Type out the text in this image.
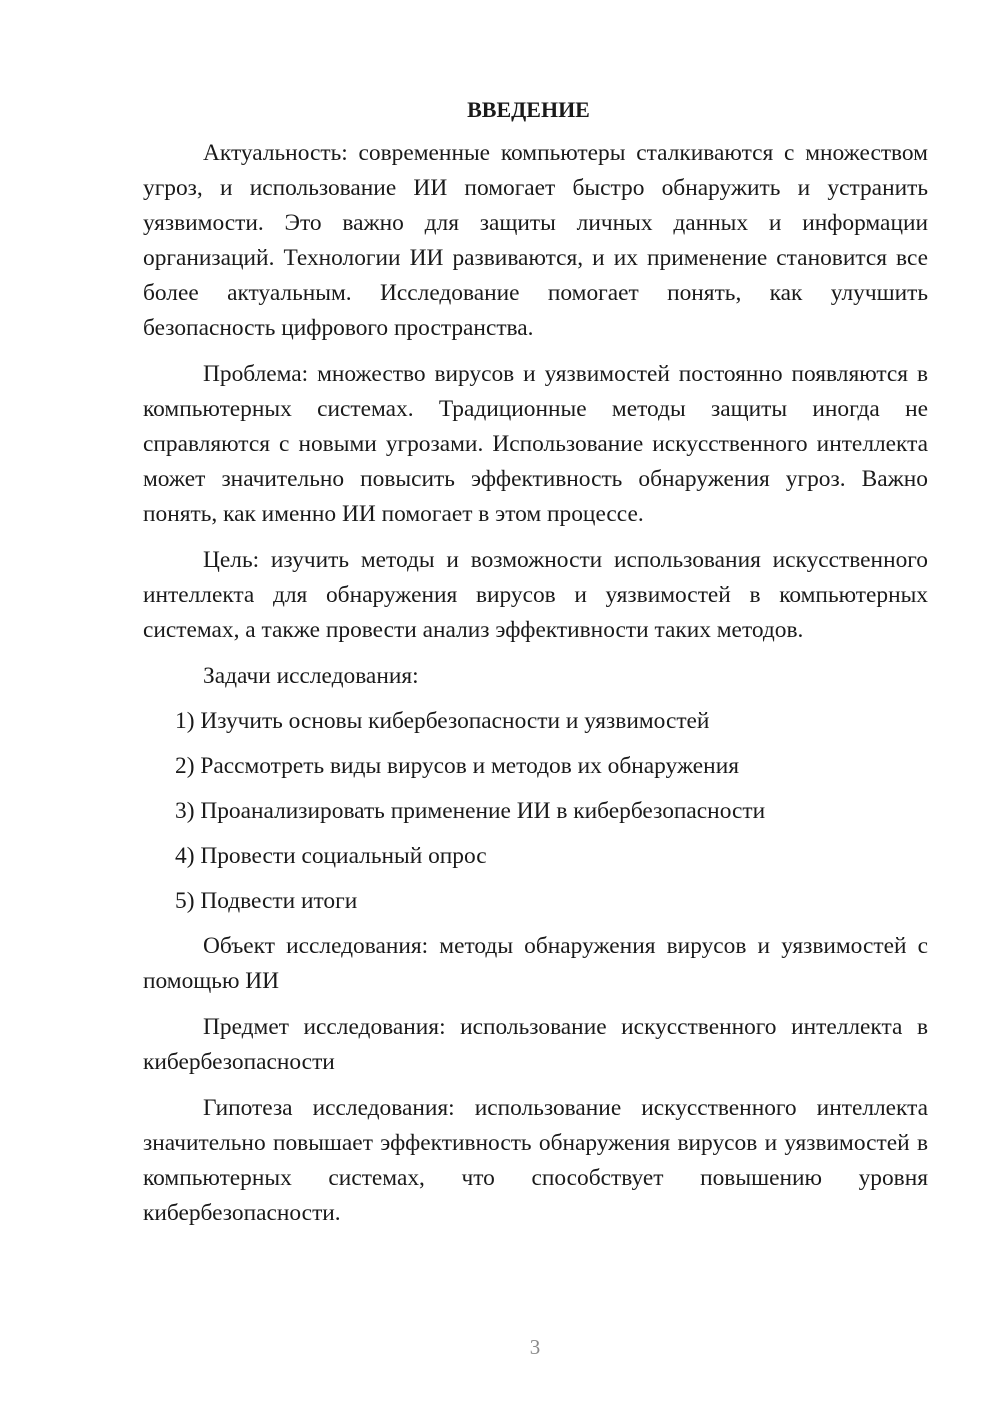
ВВЕДЕНИЕ

Актуальность: современные компьютеры сталкиваются с множеством угроз, и использование ИИ помогает быстро обнаружить и устранить уязвимости. Это важно для защиты личных данных и информации организаций. Технологии ИИ развиваются, и их применение становится все более актуальным. Исследование помогает понять, как улучшить безопасность цифрового пространства.

Проблема: множество вирусов и уязвимостей постоянно появляются в компьютерных системах. Традиционные методы защиты иногда не справляются с новыми угрозами. Использование искусственного интеллекта может значительно повысить эффективность обнаружения угроз. Важно понять, как именно ИИ помогает в этом процессе.

Цель: изучить методы и возможности использования искусственного интеллекта для обнаружения вирусов и уязвимостей в компьютерных системах, а также провести анализ эффективности таких методов.

Задачи исследования:

1) Изучить основы кибербезопасности и уязвимостей
2) Рассмотреть виды вирусов и методов их обнаружения
3) Проанализировать применение ИИ в кибербезопасности
4) Провести социальный опрос
5) Подвести итоги

Объект исследования: методы обнаружения вирусов и уязвимостей с помощью ИИ

Предмет исследования: использование искусственного интеллекта в кибербезопасности

Гипотеза исследования: использование искусственного интеллекта значительно повышает эффективность обнаружения вирусов и уязвимостей в компьютерных системах, что способствует повышению уровня кибербезопасности.

3
